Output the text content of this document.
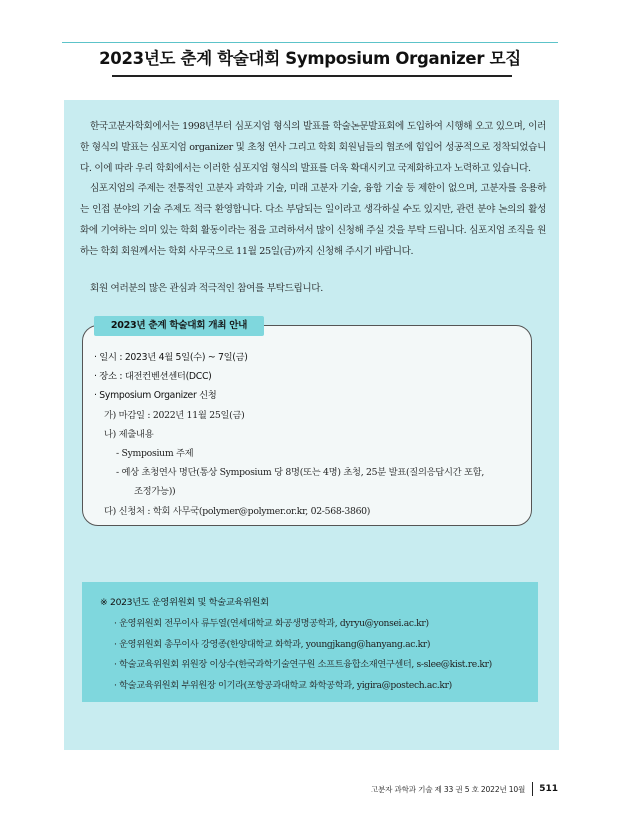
2023년도 춘계 학술대회 Symposium Organizer 모집

한국고분자학회에서는 1998년부터 심포지엄 형식의 발표를 학술논문발표회에 도입하여 시행해 오고 있으며, 이러한 형식의 발표는 심포지엄 organizer 및 초청 연사 그리고 학회 회원님들의 협조에 힘입어 성공적으로 정착되었습니다. 이에 따라 우리 학회에서는 이러한 심포지엄 형식의 발표를 더욱 확대시키고 국제화하고자 노력하고 있습니다.

심포지엄의 주제는 전통적인 고분자 과학과 기술, 미래 고분자 기술, 융합 기술 등 제한이 없으며, 고분자를 응용하는 인접 분야의 기술 주제도 적극 환영합니다. 다소 부담되는 일이라고 생각하실 수도 있지만, 관련 분야 논의의 활성화에 기여하는 의미 있는 학회 활동이라는 점을 고려하셔서 많이 신청해 주실 것을 부탁 드립니다. 심포지엄 조직을 원하는 학회 회원께서는 학회 사무국으로 11월 25일(금)까지 신청해 주시기 바랍니다.

회원 여러분의 많은 관심과 적극적인 참여를 부탁드립니다.

2023년 춘계 학술대회 개최 안내
· 일시 : 2023년 4월 5일(수) ~ 7일(금)
· 장소 : 대전컨벤션센터(DCC)
· Symposium Organizer 신청
가) 마감일 : 2022년 11월 25일(금)
나) 제출내용
- Symposium 주제
- 예상 초청연사 명단(통상 Symposium 당 8명(또는 4명) 초청, 25분 발표(질의응답시간 포함,
조정가능))
다) 신청처 : 학회 사무국(polymer@polymer.or.kr, 02-568-3860)
※ 2023년도 운영위원회 및 학술교육위원회
· 운영위원회 전무이사 류두열(연세대학교 화공생명공학과, dyryu@yonsei.ac.kr)
· 운영위원회 총무이사 강영종(한양대학교 화학과, youngjkang@hanyang.ac.kr)
· 학술교육위원회 위원장 이상수(한국과학기술연구원 소프트융합소재연구센터, s-slee@kist.re.kr)
· 학술교육위원회 부위원장 이기라(포항공과대학교 화학공학과, yigira@postech.ac.kr)
고분자 과학과 기술 제 33 권 5 호 2022년 10월 511
